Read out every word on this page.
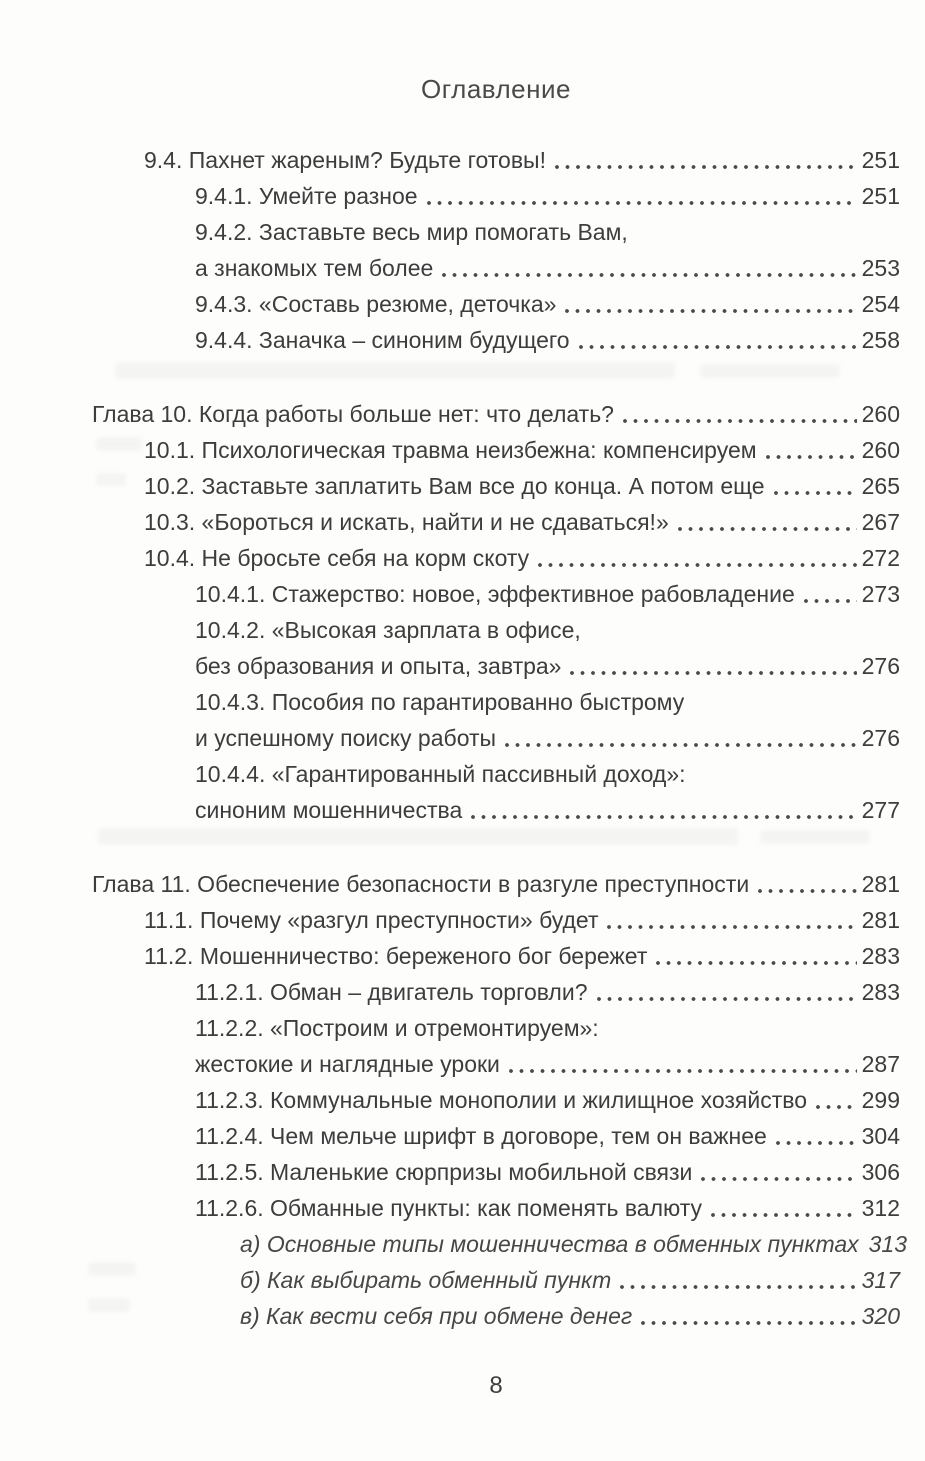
Оглавление
9.4. Пахнет жареным? Будьте готовы!	251
9.4.1. Умейте разное	251
9.4.2. Заставьте весь мир помогать Вам,
а знакомых тем более	253
9.4.3. «Составь резюме, деточка»	254
9.4.4. Заначка – синоним будущего	258
Глава 10. Когда работы больше нет: что делать?	260
10.1. Психологическая травма неизбежна: компенсируем	260
10.2. Заставьте заплатить Вам все до конца. А потом еще	265
10.3. «Бороться и искать, найти и не сдаваться!»	267
10.4. Не бросьте себя на корм скоту	272
10.4.1. Стажерство: новое, эффективное рабовладение	273
10.4.2. «Высокая зарплата в офисе,
без образования и опыта, завтра»	276
10.4.3. Пособия по гарантированно быстрому
и успешному поиску работы	276
10.4.4. «Гарантированный пассивный доход»:
синоним мошенничества	277
Глава 11. Обеспечение безопасности в разгуле преступности	281
11.1. Почему «разгул преступности» будет	281
11.2. Мошенничество: береженого бог бережет	283
11.2.1. Обман – двигатель торговли?	283
11.2.2. «Построим и отремонтируем»:
жестокие и наглядные уроки	287
11.2.3. Коммунальные монополии и жилищное хозяйство 299
11.2.4. Чем мельче шрифт в договоре, тем он важнее	304
11.2.5. Маленькие сюрпризы мобильной связи	306
11.2.6. Обманные пункты: как поменять валюту	312
а) Основные типы мошенничества в обменных пунктах 313
б) Как выбирать обменный пункт	317
в) Как вести себя при обмене денег	320
8
